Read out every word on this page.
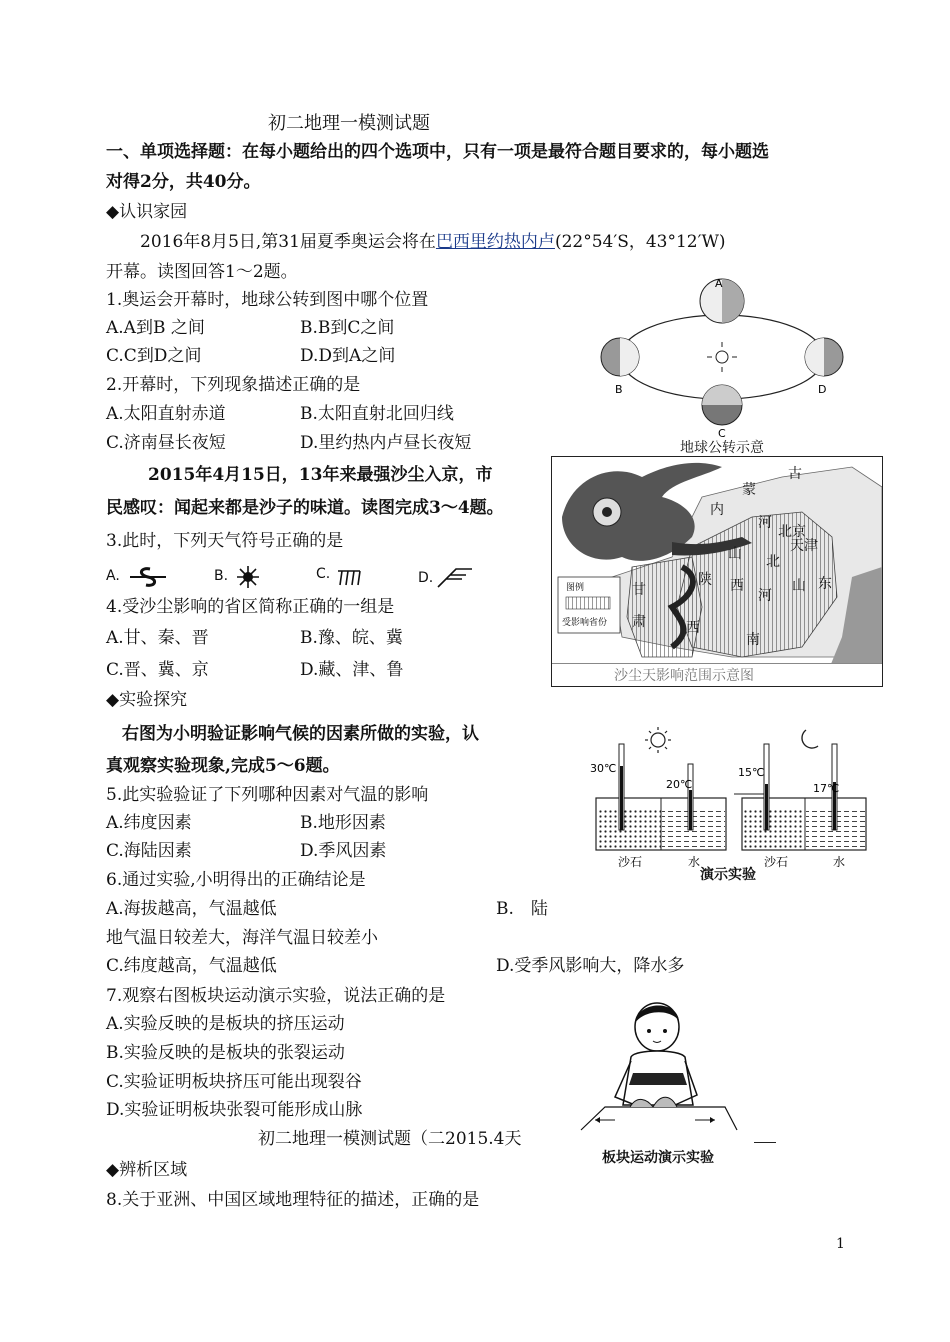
初二地理一模测试题
一、单项选择题：在每小题给出的四个选项中，只有一项是最符合题目要求的，每小题选
对得2分，共40分。
◆认识家园
2016年8月5日,第31届夏季奥运会将在巴西里约热内卢(22°54′S，43°12′W)
开幕。读图回答1～2题。
1.奥运会开幕时，地球公转到图中哪个位置
A.A到B 之间	B.B到C之间
C.C到D之间	D.D到A之间
2.开幕时，下列现象描述正确的是
A.太阳直射赤道	B.太阳直射北回归线
C.济南昼长夜短	D.里约热内卢昼长夜短
A
B
C
D
地球公转示意
2015年4月15日，13年来最强沙尘入京，市
民感叹：闻起来都是沙子的味道。读图完成3～4题。
3.此时，下列天气符号正确的是
A.	B.	C.	D.
4.受沙尘影响的省区简称正确的一组是
A.甘、秦、晋	B.豫、皖、冀
C.晋、冀、京	D.藏、津、鲁
图例
受影响省份
古
蒙
内
河
北京
天津
北
山 东
山
西
陕
甘
肃	西
河
南
沙尘天影响范围示意图
◆实验探究
右图为小明验证影响气候的因素所做的实验，认
真观察实验现象,完成5～6题。
5.此实验验证了下列哪种因素对气温的影响
A.纬度因素	B.地形因素
C.海陆因素	D.季风因素
6.通过实验,小明得出的正确结论是
A.海拔越高，气温越低	B.　陆
地气温日较差大，海洋气温日较差小
C.纬度越高，气温越低	D.受季风影响大，降水多
30℃
20℃
15℃
17℃
沙石	水	沙石	水
演示实验
7.观察右图板块运动演示实验，说法正确的是
A.实验反映的是板块的挤压运动
B.实验反映的是板块的张裂运动
C.实验证明板块挤压可能出现裂谷
D.实验证明板块张裂可能形成山脉
板块运动演示实验
初二地理一模测试题（二2015.4天
◆辨析区域
8.关于亚洲、中国区域地理特征的描述，正确的是
1
